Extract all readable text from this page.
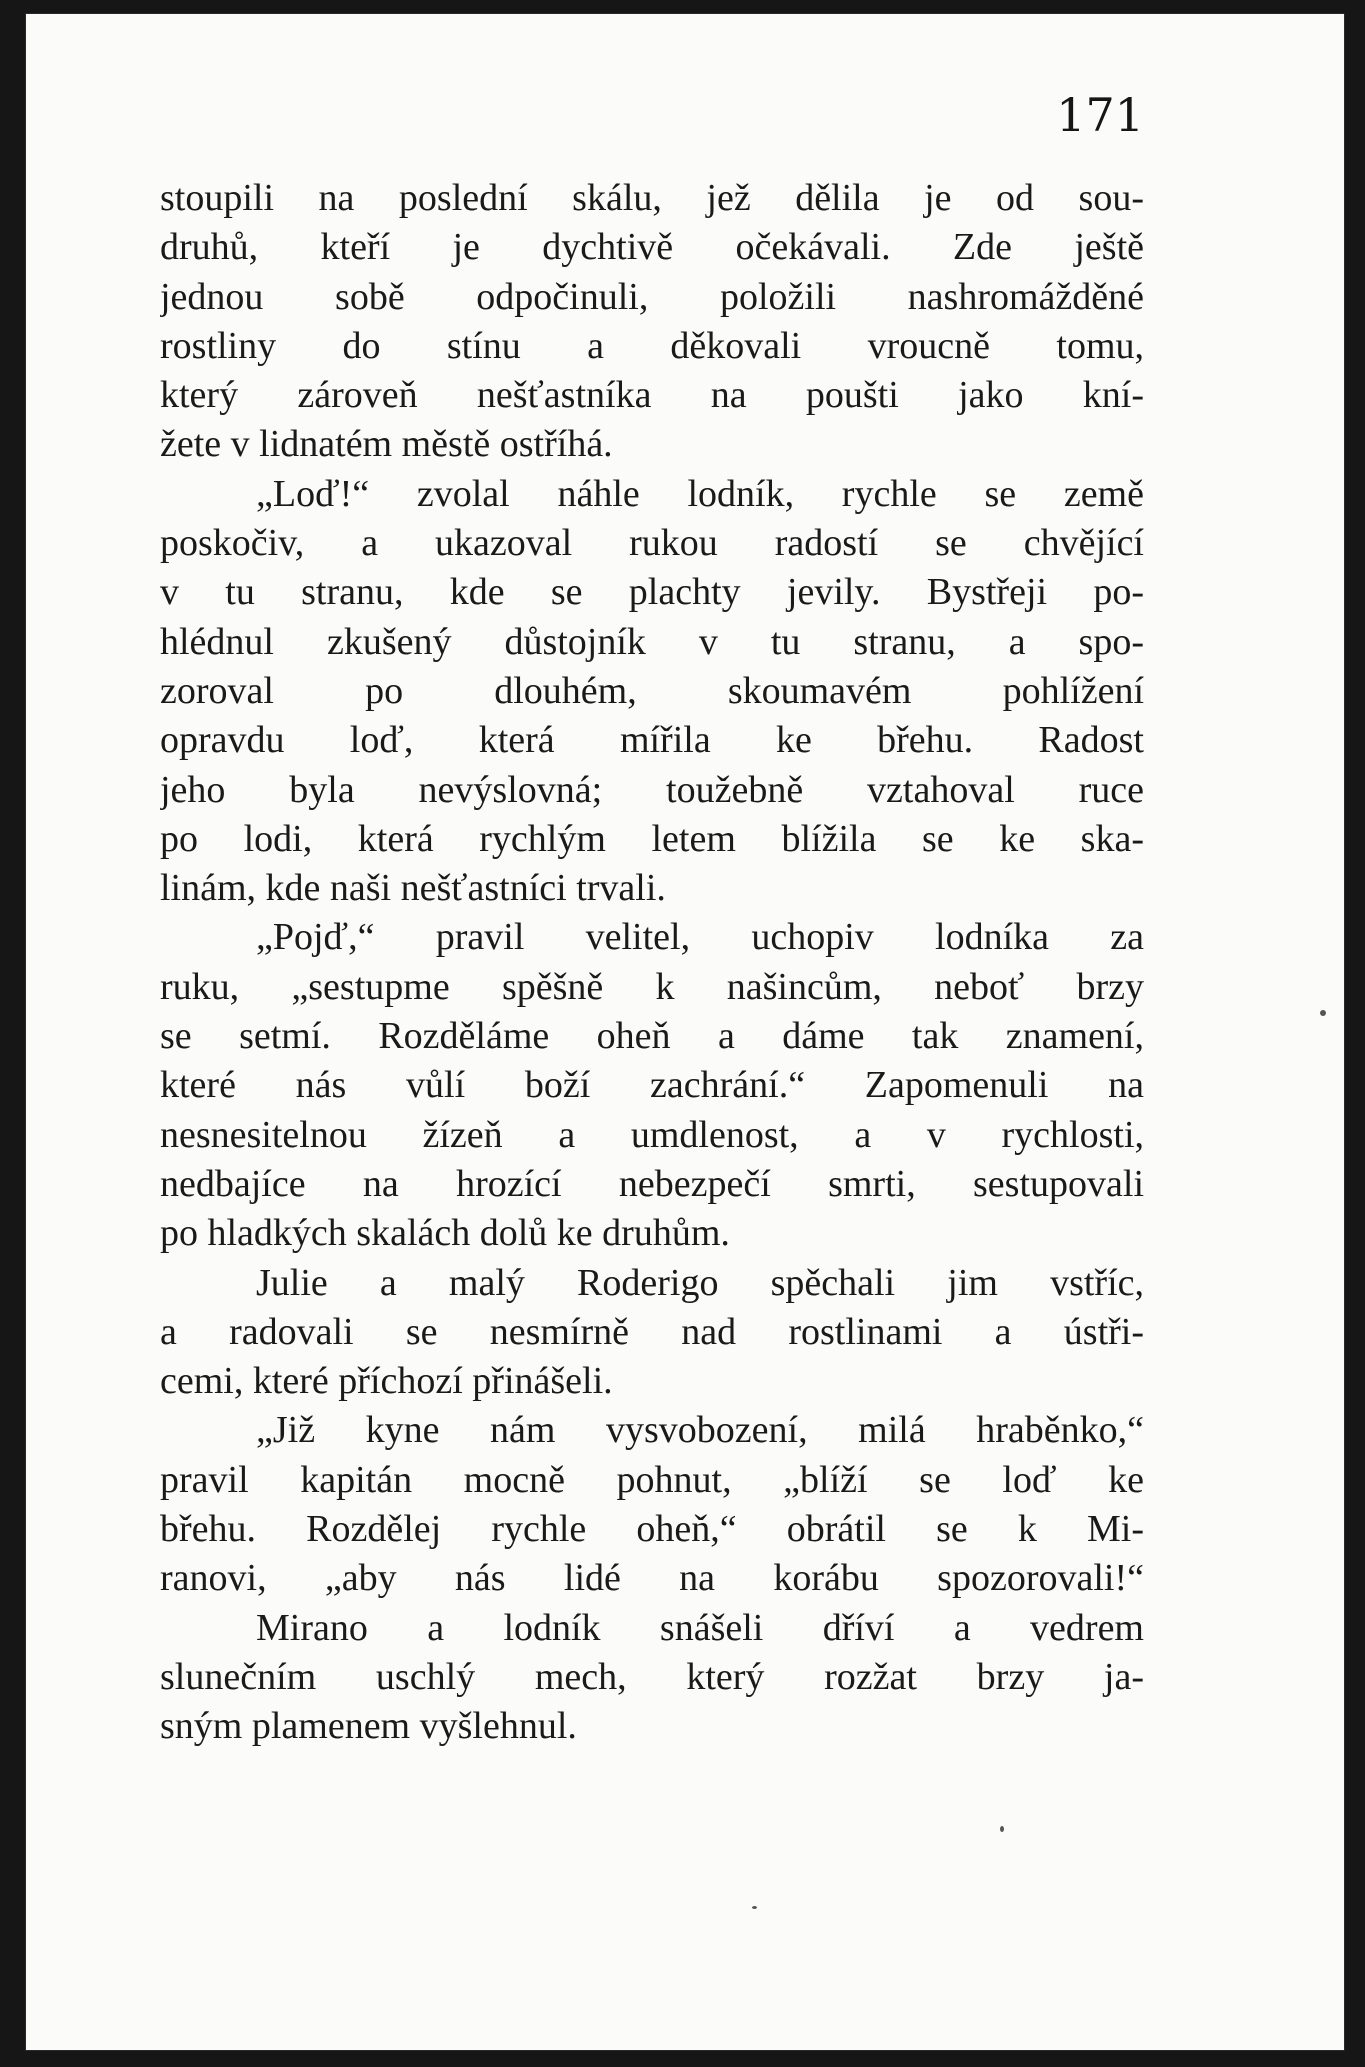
171
stoupili na poslední skálu, jež dělila je od sou-
druhů, kteří je dychtivě očekávali. Zde ještě
jednou sobě odpočinuli, položili nashromážděné
rostliny do stínu a děkovali vroucně tomu,
který zároveň nešťastníka na poušti jako kní-
žete v lidnatém městě ostříhá.
„Loď!“ zvolal náhle lodník, rychle se země
poskočiv, a ukazoval rukou radostí se chvějící
v tu stranu, kde se plachty jevily. Bystřeji po-
hlédnul zkušený důstojník v tu stranu, a spo-
zoroval po dlouhém, skoumavém pohlížení
opravdu loď, která mířila ke břehu. Radost
jeho byla nevýslovná; toužebně vztahoval ruce
po lodi, která rychlým letem blížila se ke ska-
linám, kde naši nešťastníci trvali.
„Pojď,“ pravil velitel, uchopiv lodníka za
ruku, „sestupme spěšně k našincům, neboť brzy
se setmí. Rozděláme oheň a dáme tak znamení,
které nás vůlí boží zachrání.“ Zapomenuli na
nesnesitelnou žízeň a umdlenost, a v rychlosti,
nedbajíce na hrozící nebezpečí smrti, sestupovali
po hladkých skalách dolů ke druhům.
Julie a malý Roderigo spěchali jim vstříc,
a radovali se nesmírně nad rostlinami a ústři-
cemi, které příchozí přinášeli.
„Již kyne nám vysvobození, milá hraběnko,“
pravil kapitán mocně pohnut, „blíží se loď ke
břehu. Rozdělej rychle oheň,“ obrátil se k Mi-
ranovi, „aby nás lidé na korábu spozorovali!“
Mirano a lodník snášeli dříví a vedrem
slunečním uschlý mech, který rozžat brzy ja-
sným plamenem vyšlehnul.
